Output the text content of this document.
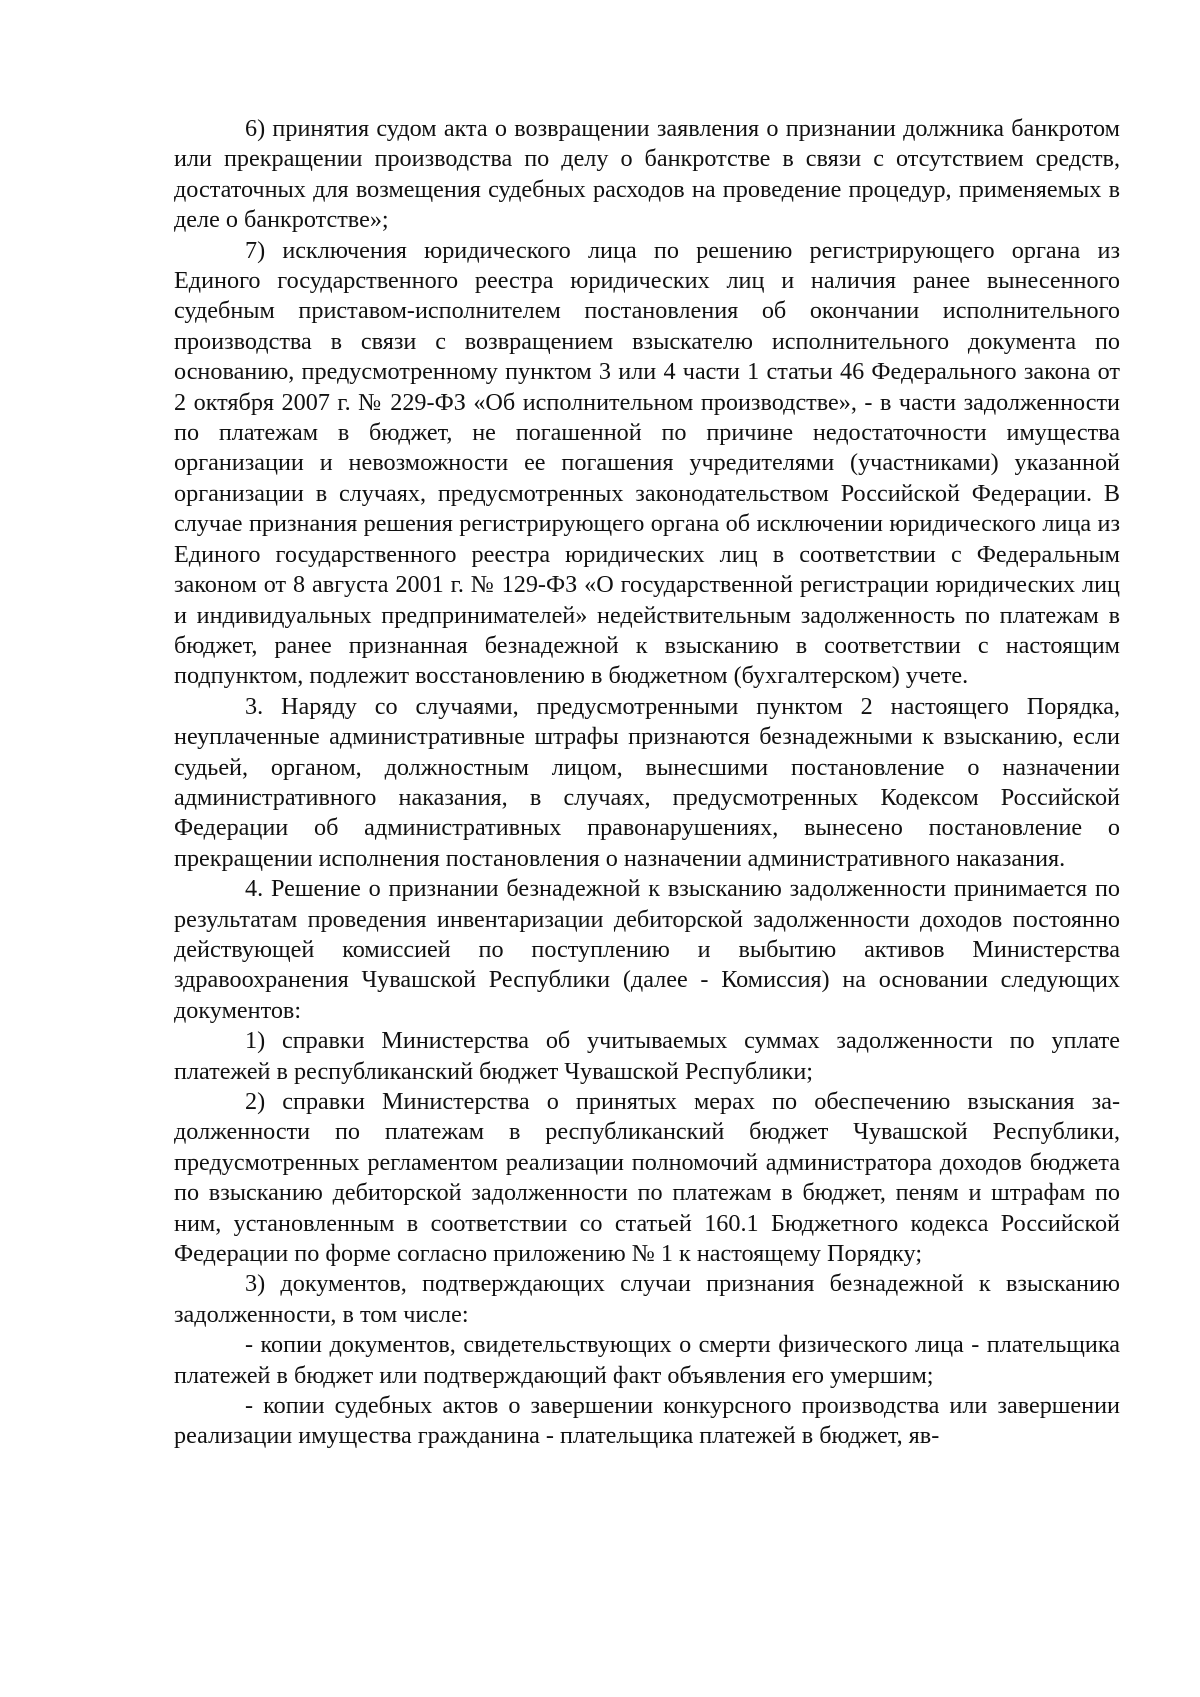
6) принятия судом акта о возвращении заявления о признании должника банкротом или прекращении производства по делу о банкротстве в связи с отсутствием средств, достаточных для возмещения судебных расходов на проведение процедур, применяемых в деле о банкротстве»;

7) исключения юридического лица по решению регистрирующего органа из Единого государственного реестра юридических лиц и наличия ранее вынесенного судебным приставом-исполнителем постановления об окончании исполнительного производства в связи с возвращением взыскателю исполнительного документа по основанию, предусмотренному пунктом 3 или 4 части 1 статьи 46 Федерального закона от 2 октября 2007 г. № 229-ФЗ «Об исполнительном производстве», - в части задолженности по платежам в бюджет, не погашенной по причине недостаточности имущества организации и невозможности ее погашения учредителями (участниками) указанной организации в случаях, предусмотренных законодательством Российской Федерации. В случае признания решения регистрирующего органа об исключении юридического лица из Единого государственного реестра юридических лиц в соответствии с Федеральным законом от 8 августа 2001 г. № 129-ФЗ «О государственной регистрации юридических лиц и индивидуальных предпринимателей» недействительным задолженность по платежам в бюджет, ранее признанная безнадежной к взысканию в соответствии с настоящим подпунктом, подлежит восстановлению в бюджетном (бухгалтерском) учете.

3. Наряду со случаями, предусмотренными пунктом 2 настоящего Порядка, неуплаченные административные штрафы признаются безнадежными к взысканию, если судьей, органом, должностным лицом, вынесшими постановление о назначении административного наказания, в случаях, предусмотренных Кодексом Российской Федерации об административных правонарушениях, вынесено постановление о прекращении исполнения постановления о назначении административного наказания.

4. Решение о признании безнадежной к взысканию задолженности принимается по результатам проведения инвентаризации дебиторской задолженности доходов постоянно действующей комиссией по поступлению и выбытию активов Министерства здравоохранения Чувашской Республики (далее - Комиссия) на основании следующих документов:

1) справки Министерства об учитываемых суммах задолженности по уплате платежей в республиканский бюджет Чувашской Республики;

2) справки Министерства о принятых мерах по обеспечению взыскания задолженности по платежам в республиканский бюджет Чувашской Республики, предусмотренных регламентом реализации полномочий администратора доходов бюджета по взысканию дебиторской задолженности по платежам в бюджет, пеням и штрафам по ним, установленным в соответствии со статьей 160.1 Бюджетного кодекса Российской Федерации по форме согласно приложению № 1 к настоящему Порядку;

3) документов, подтверждающих случаи признания безнадежной к взысканию задолженности, в том числе:

- копии документов, свидетельствующих о смерти физического лица - плательщика платежей в бюджет или подтверждающий факт объявления его умершим;

- копии судебных актов о завершении конкурсного производства или завершении реализации имущества гражданина - плательщика платежей в бюджет, яв-
